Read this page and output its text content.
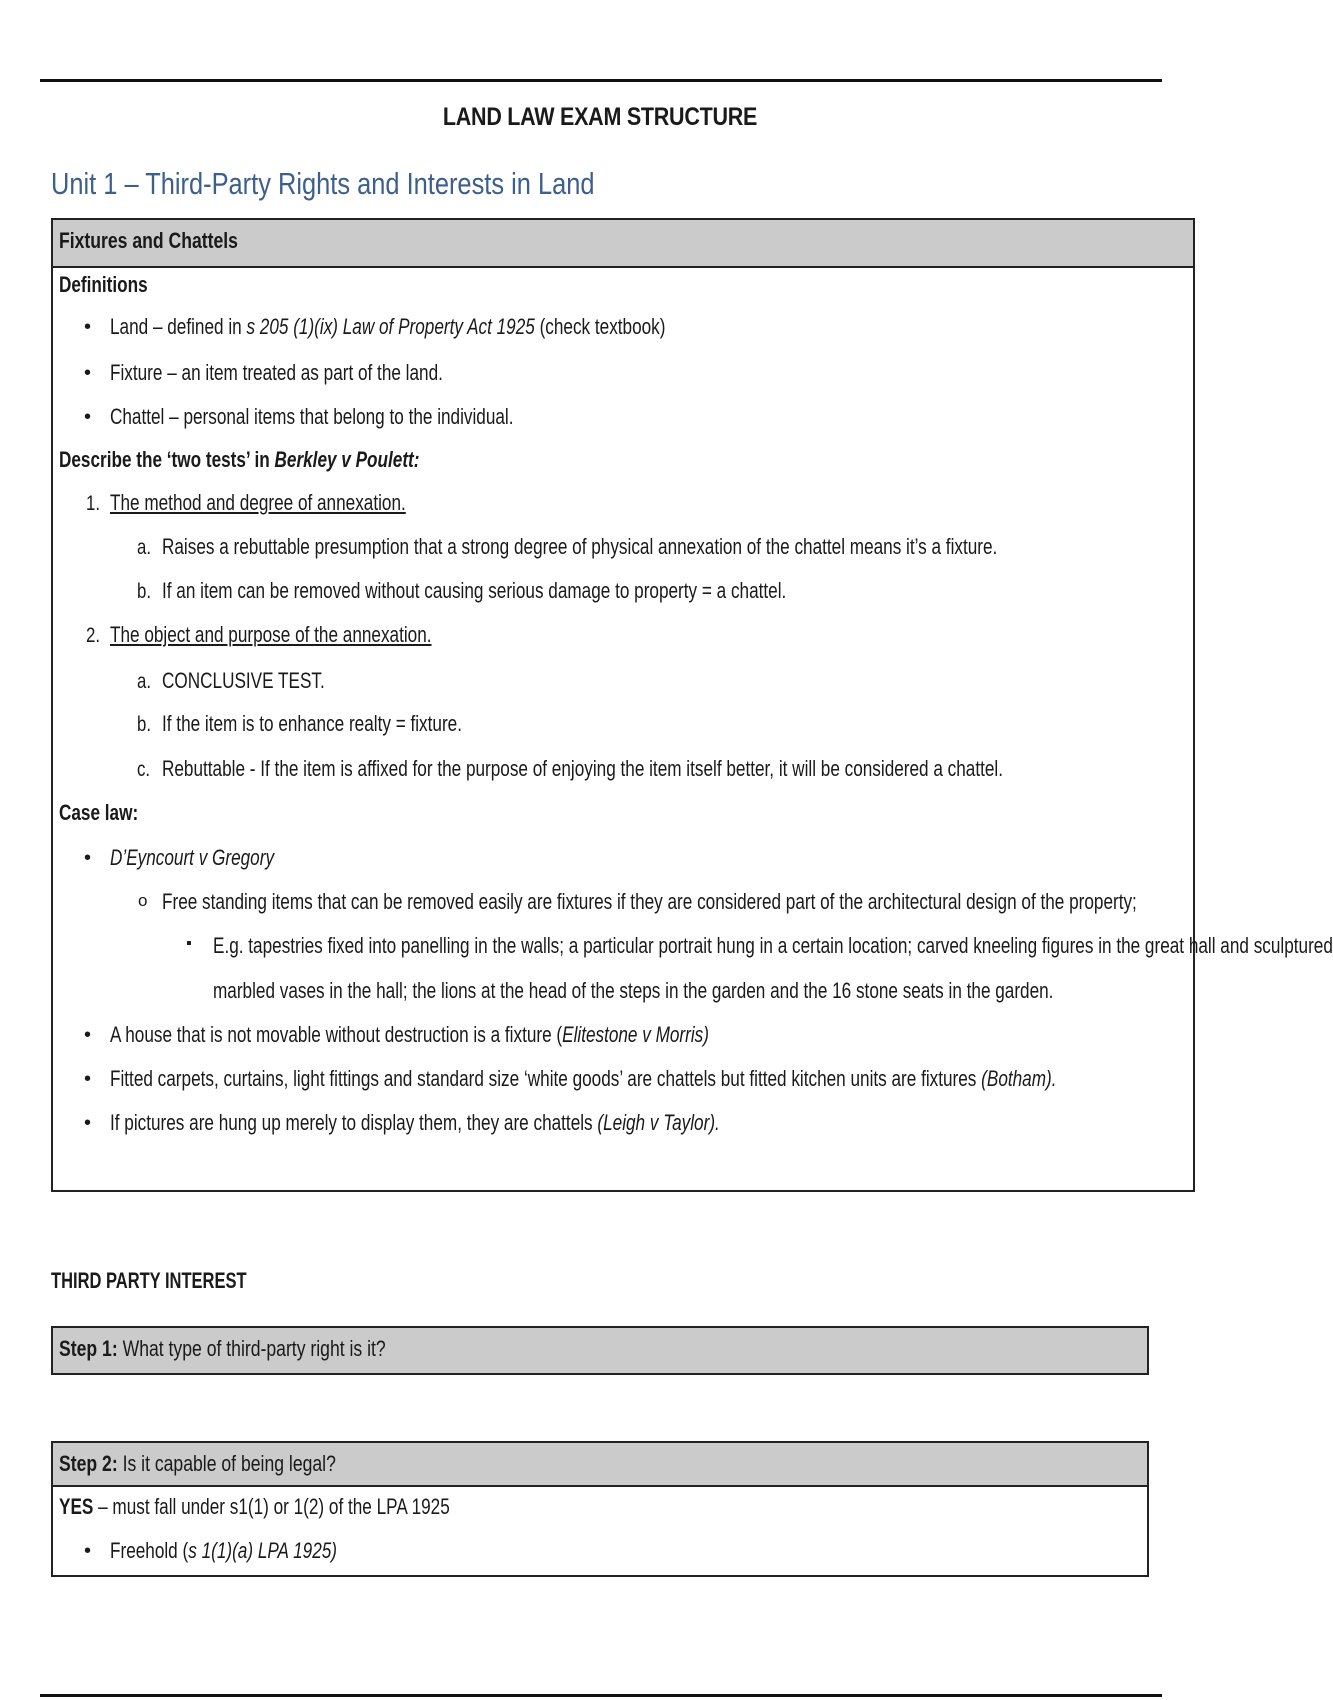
LAND LAW EXAM STRUCTURE
Unit 1 – Third-Party Rights and Interests in Land
Fixtures and Chattels
Definitions
• Land – defined in s 205 (1)(ix) Law of Property Act 1925 (check textbook)
• Fixture – an item treated as part of the land.
• Chattel – personal items that belong to the individual.
Describe the ‘two tests’ in Berkley v Poulett:
1. The method and degree of annexation.
a. Raises a rebuttable presumption that a strong degree of physical annexation of the chattel means it’s a fixture.
b. If an item can be removed without causing serious damage to property = a chattel.
2. The object and purpose of the annexation.
a. CONCLUSIVE TEST.
b. If the item is to enhance realty = fixture.
c. Rebuttable - If the item is affixed for the purpose of enjoying the item itself better, it will be considered a chattel.
Case law:
• D’Eyncourt v Gregory
o Free standing items that can be removed easily are fixtures if they are considered part of the architectural design of the property;
▪ E.g. tapestries fixed into panelling in the walls; a particular portrait hung in a certain location; carved kneeling figures in the great hall and sculptured
marbled vases in the hall; the lions at the head of the steps in the garden and the 16 stone seats in the garden.
• A house that is not movable without destruction is a fixture (Elitestone v Morris)
• Fitted carpets, curtains, light fittings and standard size ‘white goods’ are chattels but fitted kitchen units are fixtures (Botham).
• If pictures are hung up merely to display them, they are chattels (Leigh v Taylor).
THIRD PARTY INTEREST
Step 1: What type of third-party right is it?
Step 2: Is it capable of being legal?
YES – must fall under s1(1) or 1(2) of the LPA 1925
• Freehold (s 1(1)(a) LPA 1925)
